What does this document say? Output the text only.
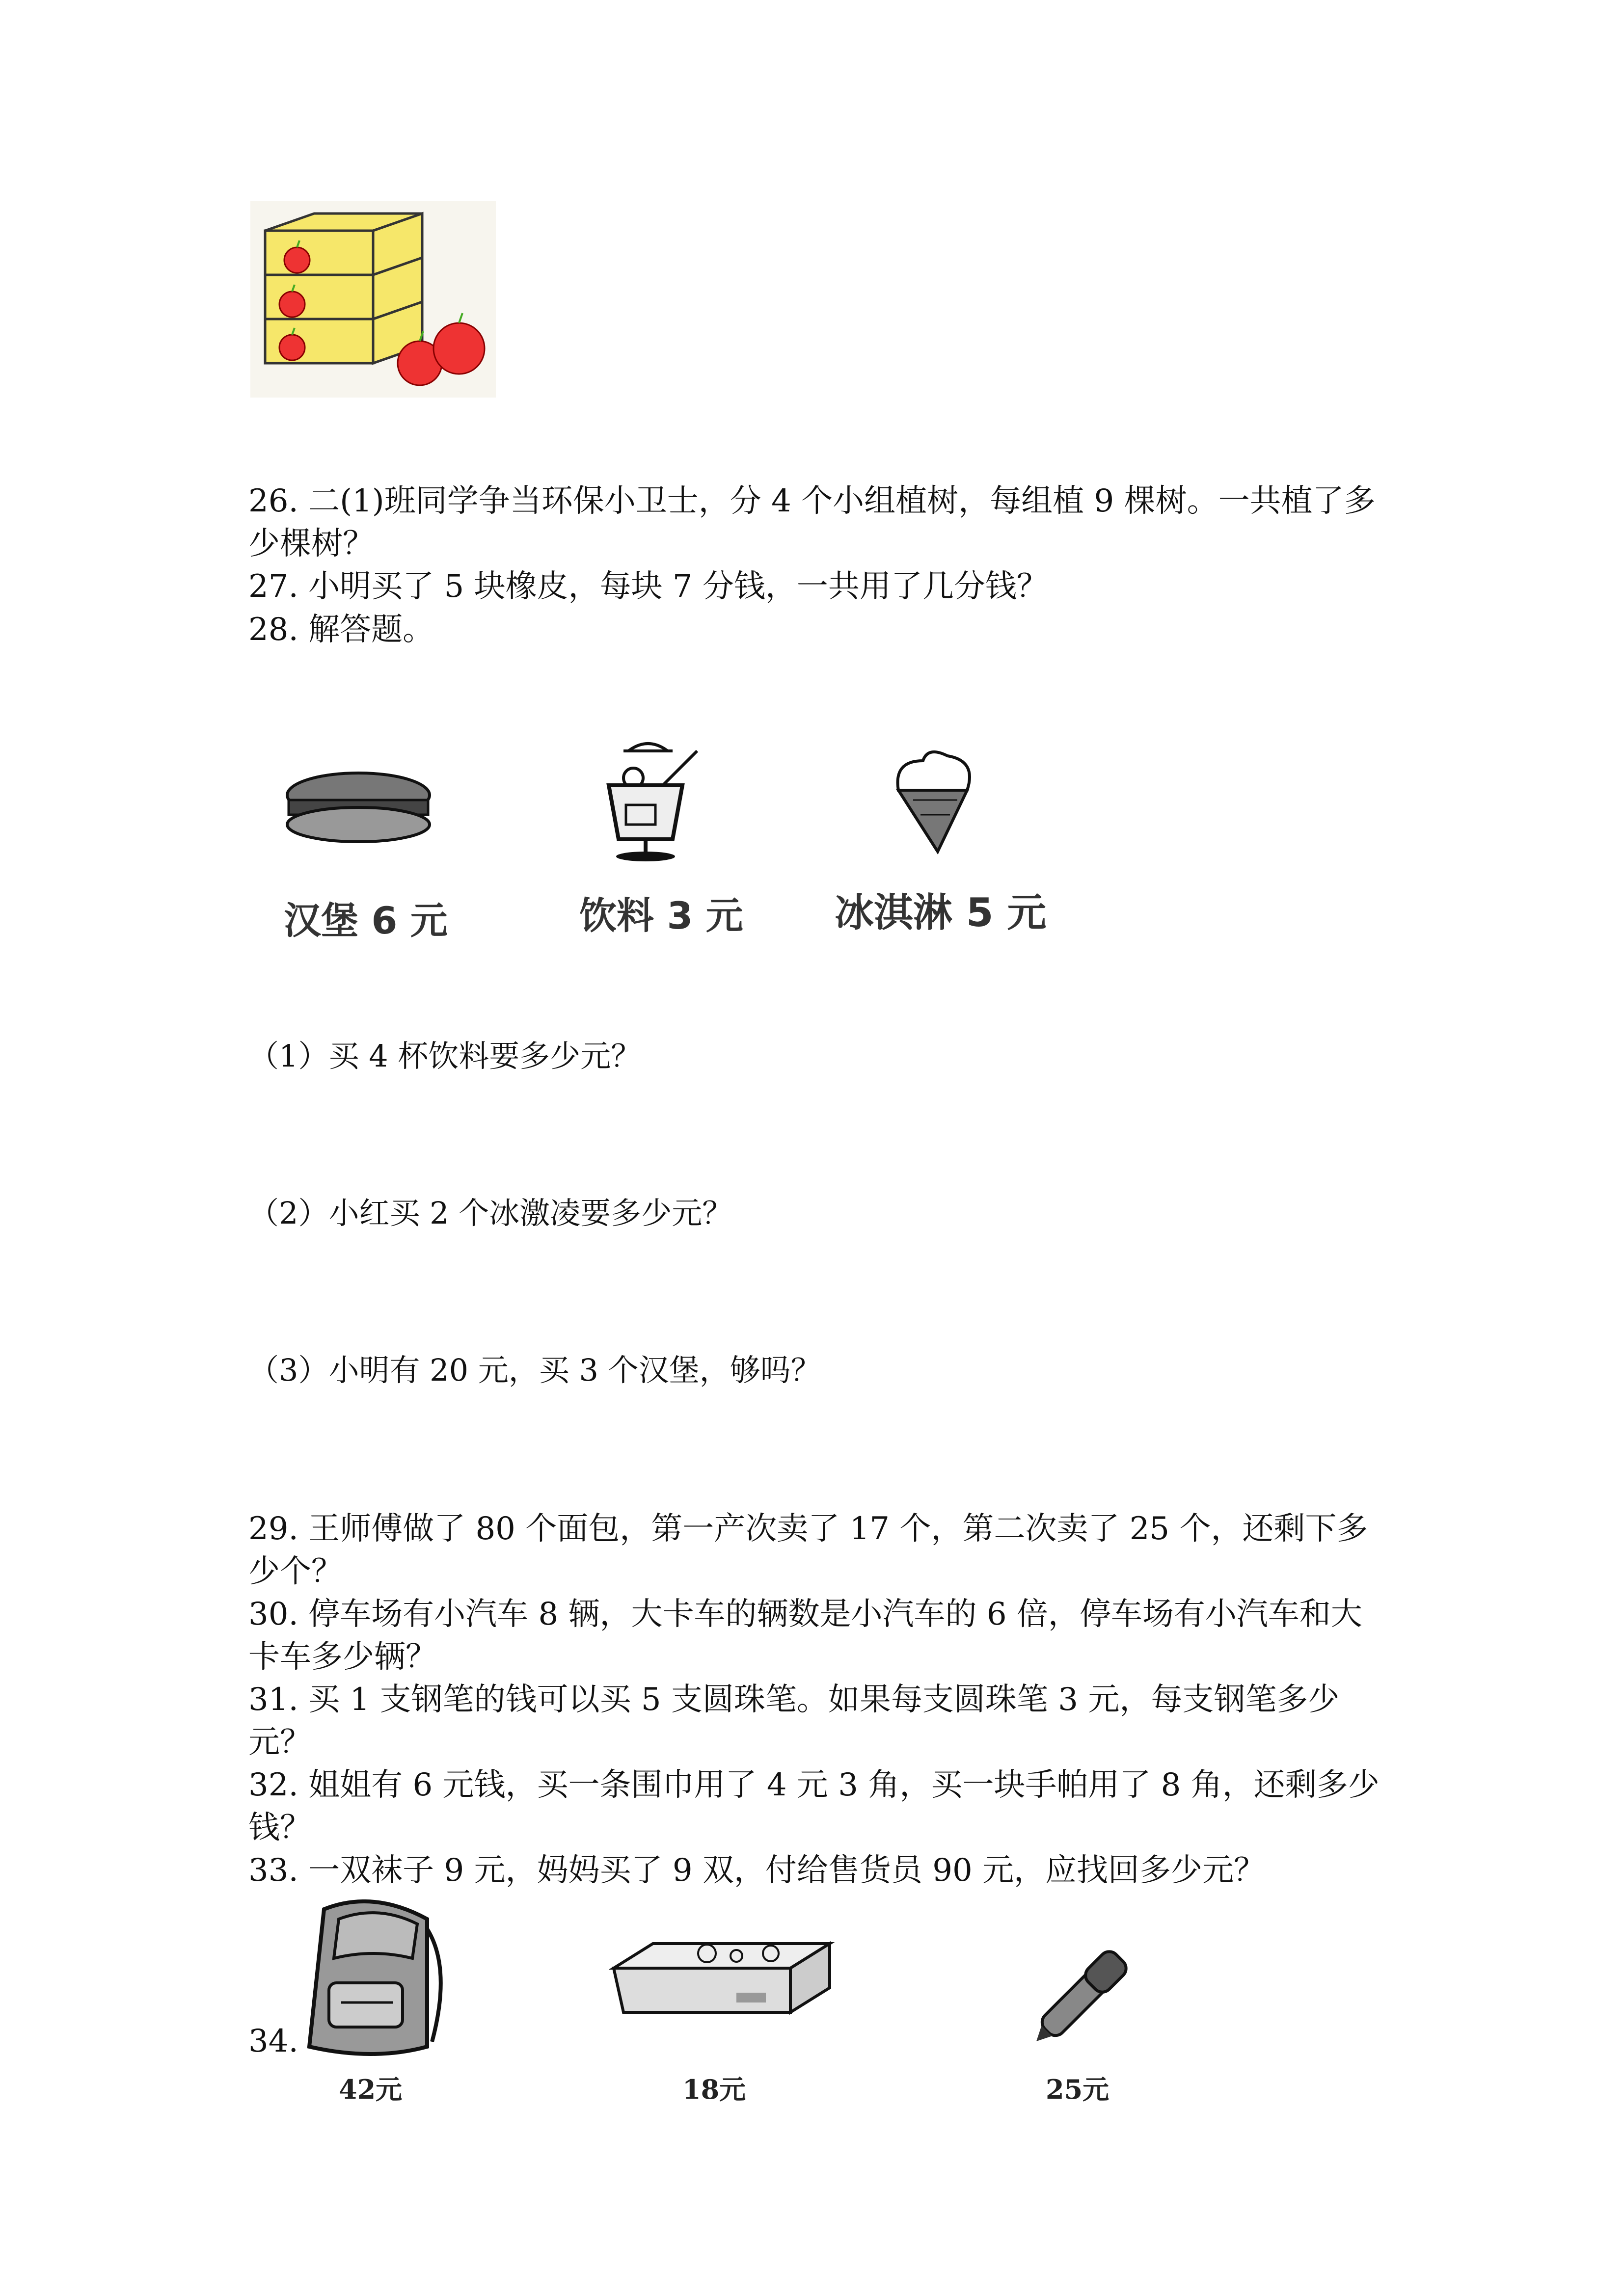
26. 二(1)班同学争当环保小卫士，分 4 个小组植树，每组植 9 棵树。一共植了多少棵树？
27. 小明买了 5 块橡皮，每块 7 分钱，一共用了几分钱？
28. 解答题。
汉堡 6 元	饮料 3 元 冰淇淋 5 元
（1）买 4 杯饮料要多少元？
（2）小红买 2 个冰激凌要多少元？
（3）小明有 20 元，买 3 个汉堡，够吗？
29. 王师傅做了 80 个面包，第一产次卖了 17 个，第二次卖了 25 个，还剩下多少个？
30. 停车场有小汽车 8 辆，大卡车的辆数是小汽车的 6 倍，停车场有小汽车和大卡车多少辆？
31. 买 1 支钢笔的钱可以买 5 支圆珠笔。如果每支圆珠笔 3 元，每支钢笔多少元？
32. 姐姐有 6 元钱，买一条围巾用了 4 元 3 角，买一块手帕用了 8 角，还剩多少钱？
33. 一双袜子 9 元，妈妈买了 9 双，付给售货员 90 元，应找回多少元？
34.
42元	18元	25元
